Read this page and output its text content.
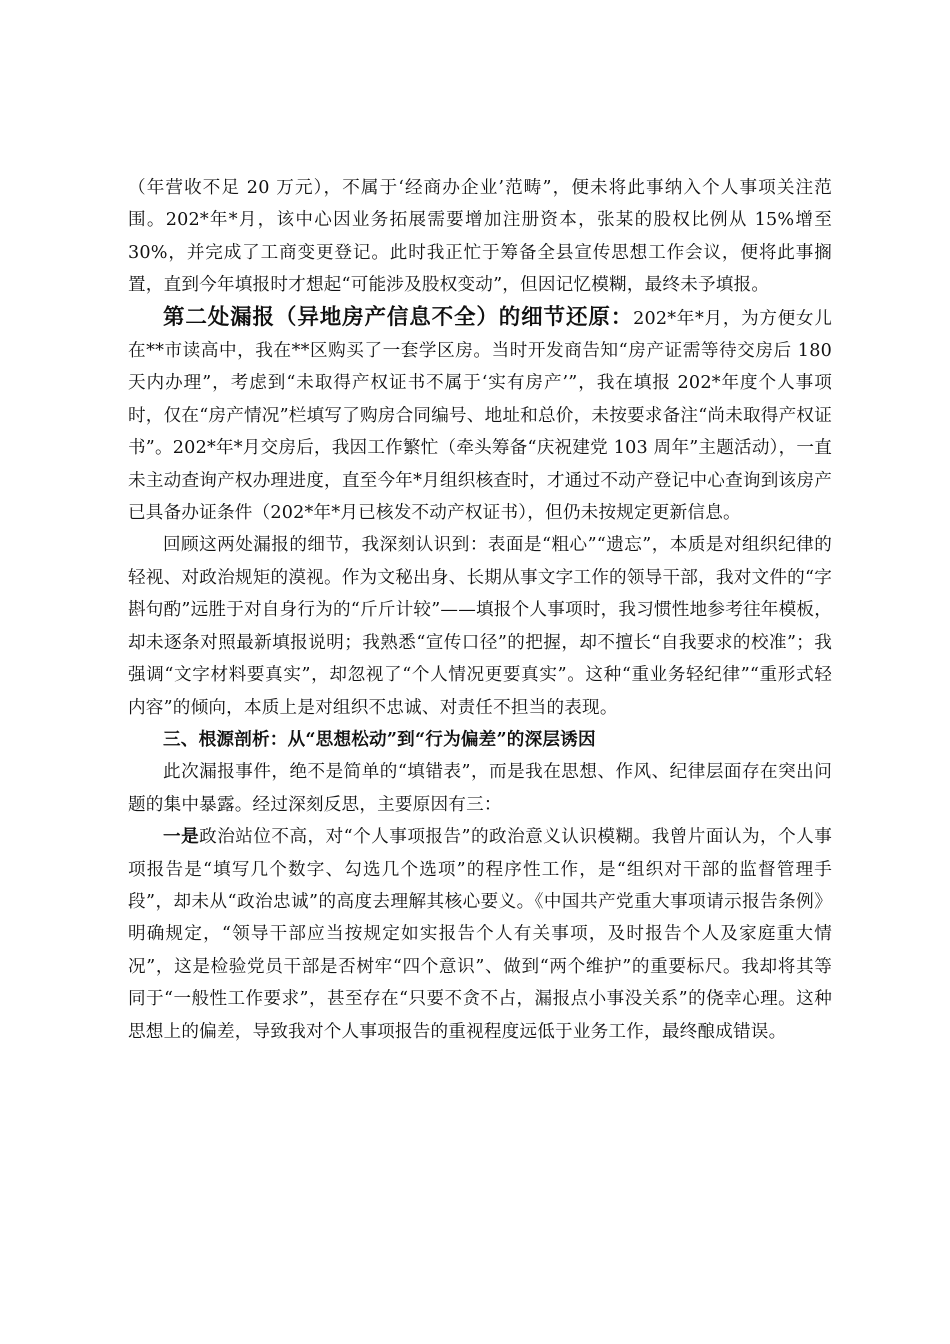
（年营收不足 20 万元），不属于‘经商办企业’范畴”，便未将此事纳入个人事项关注范围。202*年*月，该中心因业务拓展需要增加注册资本，张某的股权比例从 15%增至 30%，并完成了工商变更登记。此时我正忙于筹备全县宣传思想工作会议，便将此事搁置，直到今年填报时才想起“可能涉及股权变动”，但因记忆模糊，最终未予填报。

第二处漏报（异地房产信息不全）的细节还原：202*年*月，为方便女儿在**市读高中，我在**区购买了一套学区房。当时开发商告知“房产证需等待交房后 180 天内办理”，考虑到“未取得产权证书不属于‘实有房产’”，我在填报 202*年度个人事项时，仅在“房产情况”栏填写了购房合同编号、地址和总价，未按要求备注“尚未取得产权证书”。202*年*月交房后，我因工作繁忙（牵头筹备“庆祝建党 103 周年”主题活动），一直未主动查询产权办理进度，直至今年*月组织核查时，才通过不动产登记中心查询到该房产已具备办证条件（202*年*月已核发不动产权证书），但仍未按规定更新信息。

回顾这两处漏报的细节，我深刻认识到：表面是“粗心”“遗忘”，本质是对组织纪律的轻视、对政治规矩的漠视。作为文秘出身、长期从事文字工作的领导干部，我对文件的“字斟句酌”远胜于对自身行为的“斤斤计较”——填报个人事项时，我习惯性地参考往年模板，却未逐条对照最新填报说明；我熟悉“宣传口径”的把握，却不擅长“自我要求的校准”；我强调“文字材料要真实”，却忽视了“个人情况更要真实”。这种“重业务轻纪律”“重形式轻内容”的倾向，本质上是对组织不忠诚、对责任不担当的表现。

三、根源剖析：从“思想松动”到“行为偏差”的深层诱因

此次漏报事件，绝不是简单的“填错表”，而是我在思想、作风、纪律层面存在突出问题的集中暴露。经过深刻反思，主要原因有三：

一是政治站位不高，对“个人事项报告”的政治意义认识模糊。我曾片面认为，个人事项报告是“填写几个数字、勾选几个选项”的程序性工作，是“组织对干部的监督管理手段”，却未从“政治忠诚”的高度去理解其核心要义。《中国共产党重大事项请示报告条例》明确规定，“领导干部应当按规定如实报告个人有关事项，及时报告个人及家庭重大情况”，这是检验党员干部是否树牢“四个意识”、做到“两个维护”的重要标尺。我却将其等同于“一般性工作要求”，甚至存在“只要不贪不占，漏报点小事没关系”的侥幸心理。这种思想上的偏差，导致我对个人事项报告的重视程度远低于业务工作，最终酿成错误。
